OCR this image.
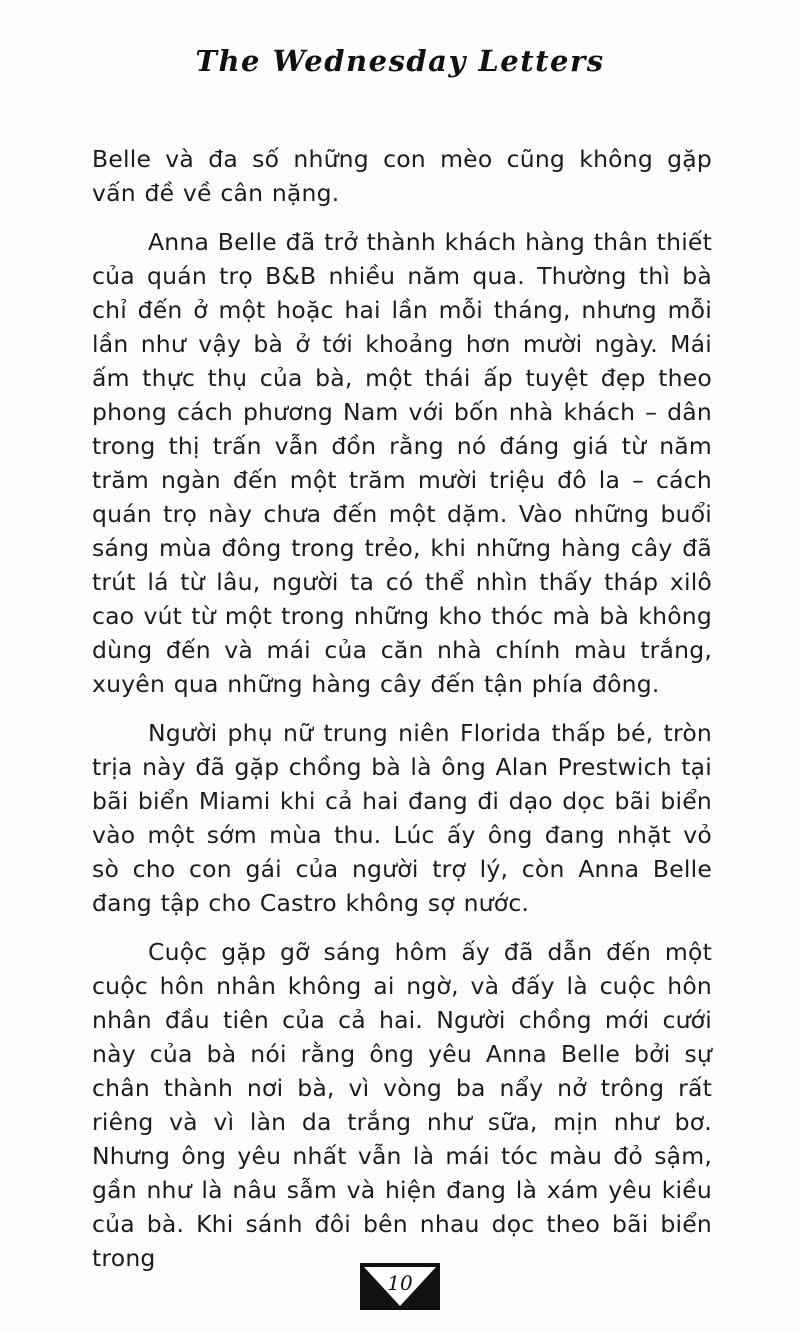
The Wednesday Letters

Belle và đa số những con mèo cũng không gặp vấn đề về cân nặng.

Anna Belle đã trở thành khách hàng thân thiết của quán trọ B&B nhiều năm qua. Thường thì bà chỉ đến ở một hoặc hai lần mỗi tháng, nhưng mỗi lần như vậy bà ở tới khoảng hơn mười ngày. Mái ấm thực thụ của bà, một thái ấp tuyệt đẹp theo phong cách phương Nam với bốn nhà khách – dân trong thị trấn vẫn đồn rằng nó đáng giá từ năm trăm ngàn đến một trăm mười triệu đô la – cách quán trọ này chưa đến một dặm. Vào những buổi sáng mùa đông trong trẻo, khi những hàng cây đã trút lá từ lâu, người ta có thể nhìn thấy tháp xilô cao vút từ một trong những kho thóc mà bà không dùng đến và mái của căn nhà chính màu trắng, xuyên qua những hàng cây đến tận phía đông.

Người phụ nữ trung niên Florida thấp bé, tròn trịa này đã gặp chồng bà là ông Alan Prestwich tại bãi biển Miami khi cả hai đang đi dạo dọc bãi biển vào một sớm mùa thu. Lúc ấy ông đang nhặt vỏ sò cho con gái của người trợ lý, còn Anna Belle đang tập cho Castro không sợ nước.

Cuộc gặp gỡ sáng hôm ấy đã dẫn đến một cuộc hôn nhân không ai ngờ, và đấy là cuộc hôn nhân đầu tiên của cả hai. Người chồng mới cưới này của bà nói rằng ông yêu Anna Belle bởi sự chân thành nơi bà, vì vòng ba nẩy nở trông rất riêng và vì làn da trắng như sữa, mịn như bơ. Nhưng ông yêu nhất vẫn là mái tóc màu đỏ sậm, gần như là nâu sẫm và hiện đang là xám yêu kiều của bà. Khi sánh đôi bên nhau dọc theo bãi biển trong

10
